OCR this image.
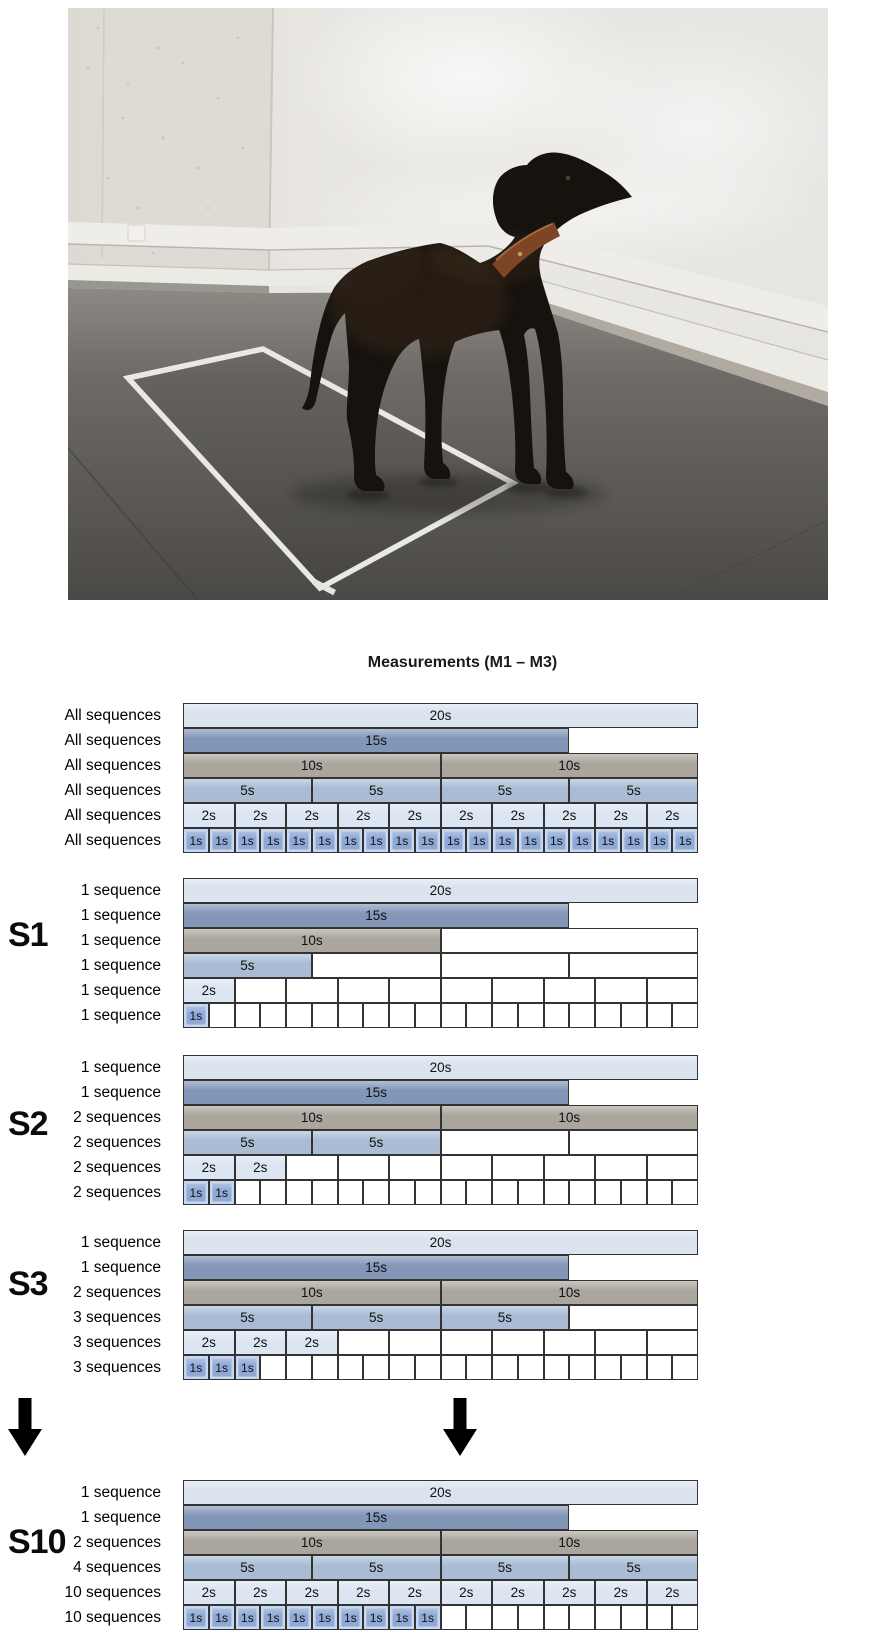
Measurements (M1 – M3)
All sequences	20s
All sequences	15s
All sequences	10s	10s
All sequences	5s	5s	5s	5s
All sequences	2s	2s	2s	2s	2s	2s	2s	2s	2s	2s
All sequences	1s	1s	1s	1s	1s	1s	1s	1s	1s	1s	1s	1s	1s	1s	1s	1s	1s	1s	1s	1s
S1
1 sequence	20s
1 sequence	15s
1 sequence	10s
1 sequence	5s
1 sequence	2s
1 sequence	1s
S2
1 sequence	20s
1 sequence	15s
2 sequences	10s	10s
2 sequences	5s	5s
2 sequences	2s	2s
2 sequences	1s	1s
S3
1 sequence	20s
1 sequence	15s
2 sequences	10s	10s
3 sequences	5s	5s	5s
3 sequences	2s	2s	2s
3 sequences	1s	1s	1s
S10
1 sequence	20s
1 sequence	15s
2 sequences	10s	10s
4 sequences	5s	5s	5s	5s
10 sequences	2s	2s	2s	2s	2s	2s	2s	2s	2s	2s
10 sequences	1s	1s	1s	1s	1s	1s	1s	1s	1s	1s
